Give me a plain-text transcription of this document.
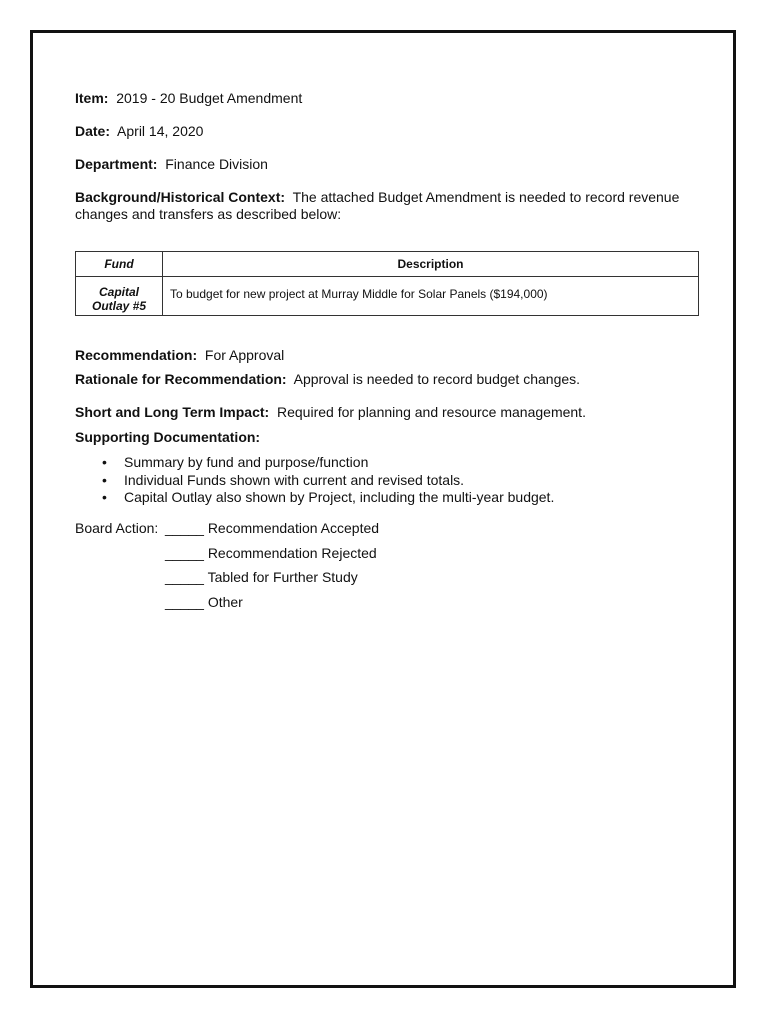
Item: 2019 - 20 Budget Amendment

Date: April 14, 2020

Department: Finance Division

Background/Historical Context: The attached Budget Amendment is needed to record revenue changes and transfers as described below:

Fund	Description
Capital
Outlay #5	To budget for new project at Murray Middle for Solar Panels ($194,000)

Recommendation: For Approval

Rationale for Recommendation: Approval is needed to record budget changes.

Short and Long Term Impact: Required for planning and resource management.

Supporting Documentation:

• Summary by fund and purpose/function
• Individual Funds shown with current and revised totals.
• Capital Outlay also shown by Project, including the multi-year budget.
Board Action: _____ Recommendation Accepted
_____ Recommendation Rejected
_____ Tabled for Further Study
_____ Other
